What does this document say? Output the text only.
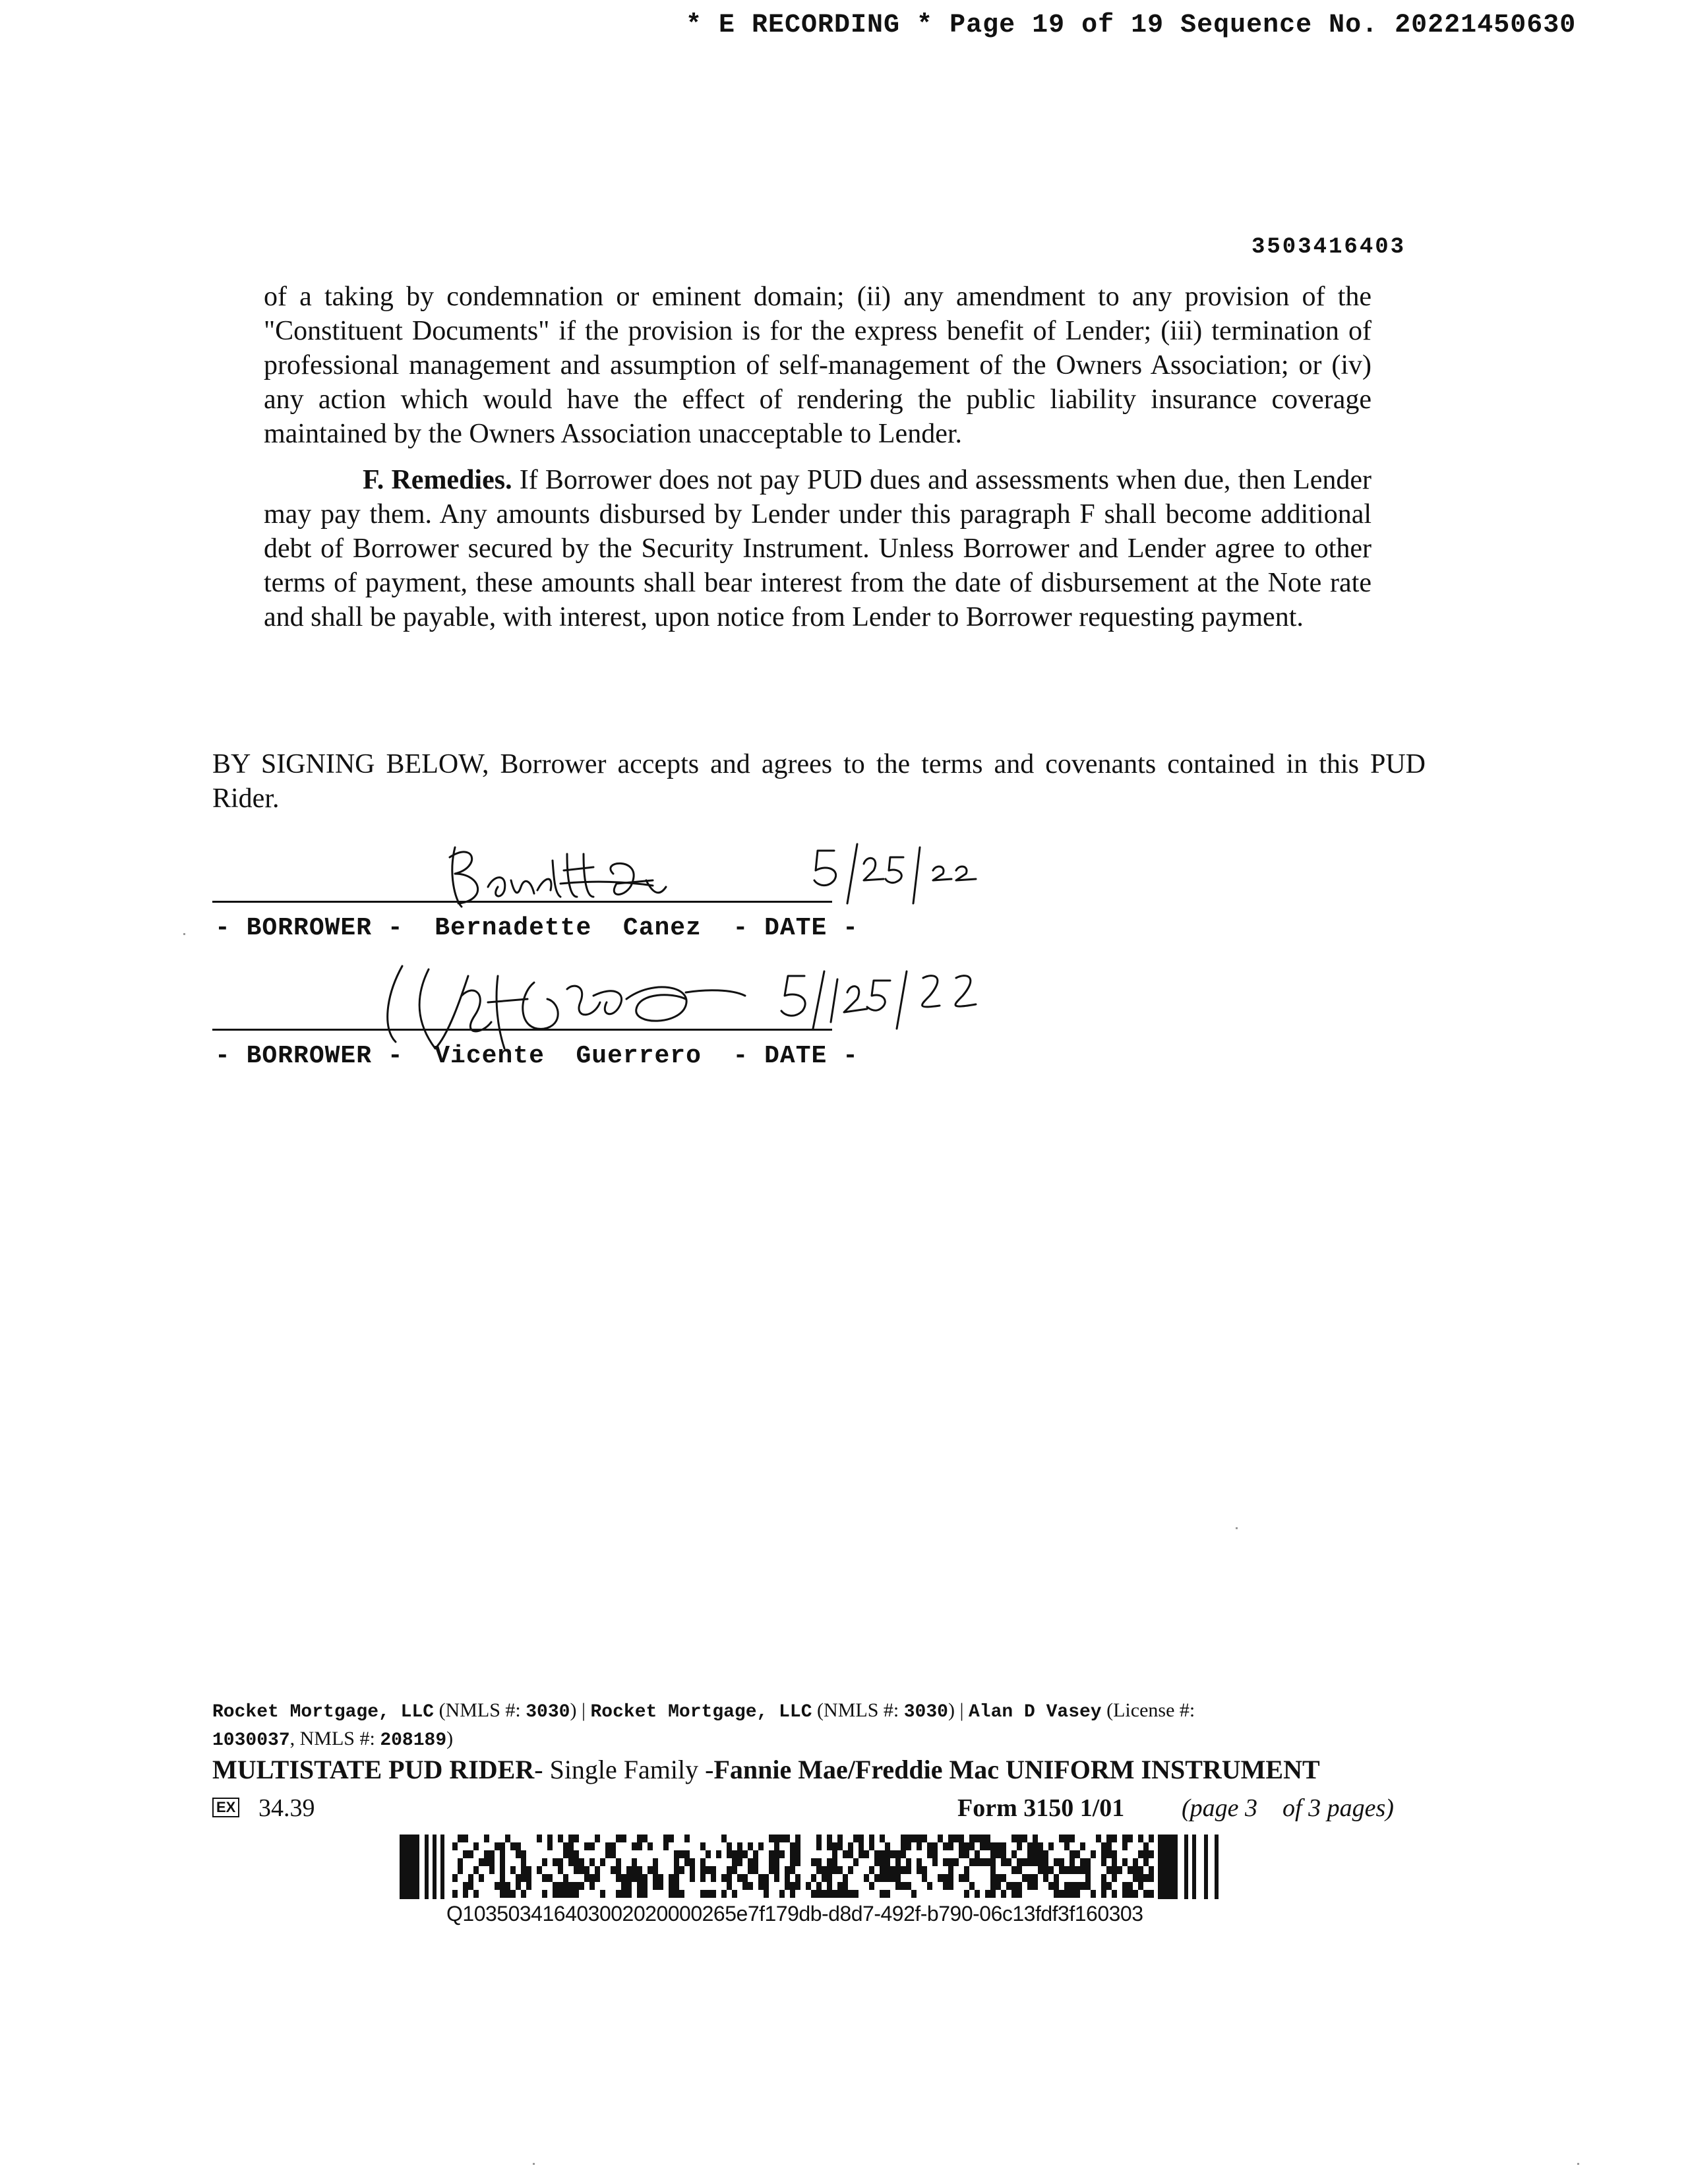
* E RECORDING * Page 19 of 19 Sequence No. 20221450630
3503416403

of a taking by condemnation or eminent domain; (ii) any amendment to any provision of the "Constituent Documents" if the provision is for the express benefit of Lender; (iii) termination of professional management and assumption of self-management of the Owners Association; or (iv) any action which would have the effect of rendering the public liability insurance coverage maintained by the Owners Association unacceptable to Lender.

F. Remedies. If Borrower does not pay PUD dues and assessments when due, then Lender may pay them. Any amounts disbursed by Lender under this paragraph F shall become additional debt of Borrower secured by the Security Instrument. Unless Borrower and Lender agree to other terms of payment, these amounts shall bear interest from the date of disbursement at the Note rate and shall be payable, with interest, upon notice from Lender to Borrower requesting payment.

BY SIGNING BELOW, Borrower accepts and agrees to the terms and covenants contained in this PUD Rider.
- BORROWER -  Bernadette  Canez  - DATE -
- BORROWER -  Vicente  Guerrero  - DATE -
Rocket Mortgage, LLC (NMLS #: 3030) | Rocket Mortgage, LLC (NMLS #: 3030) | Alan D Vasey (License #:
1030037, NMLS #: 208189)
MULTISTATE PUD RIDER- Single Family -Fannie Mae/Freddie Mac UNIFORM INSTRUMENT
EX 34.39	Form 3150 1/01 (page 3    of 3 pages)
Q103503416403002020000265e7f179db-d8d7-492f-b790-06c13fdf3f160303
